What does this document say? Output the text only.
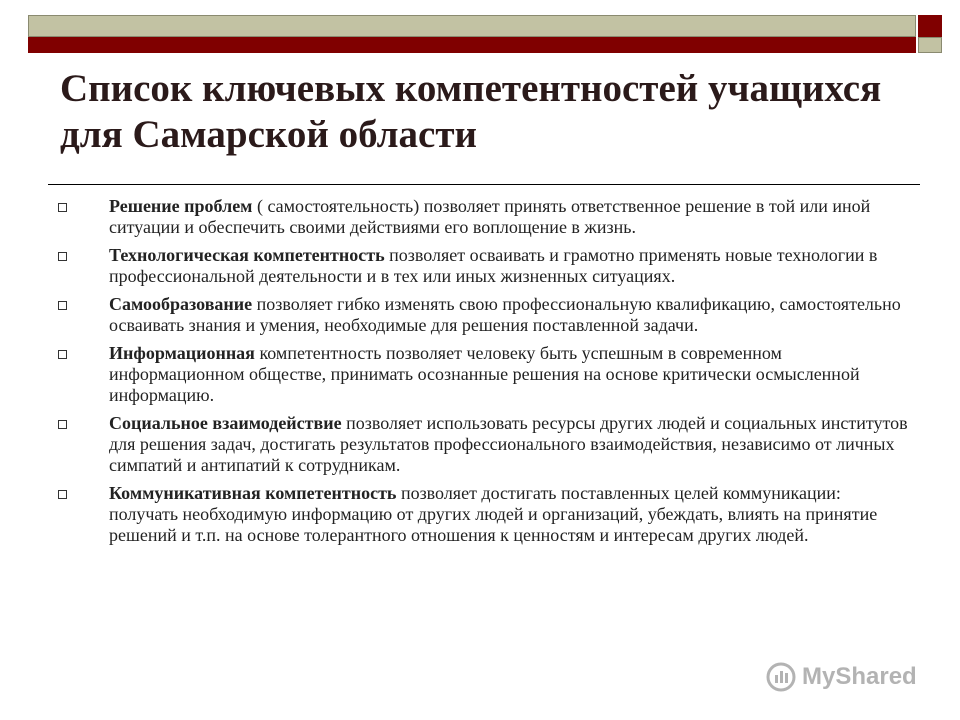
Список ключевых компетентностей учащихся для Самарской области
Решение проблем ( самостоятельность) позволяет принять ответственное решение в той или иной ситуации и обеспечить своими действиями его воплощение в жизнь.
Технологическая компетентность позволяет осваивать и грамотно применять новые технологии в профессиональной деятельности и в тех или иных жизненных ситуациях.
Самообразование позволяет гибко изменять свою профессиональную квалификацию, самостоятельно осваивать знания и умения, необходимые для решения поставленной задачи.
Информационная компетентность позволяет человеку быть успешным в современном информационном обществе, принимать осознанные решения на основе критически осмысленной информацию.
Социальное взаимодействие позволяет использовать ресурсы других людей и социальных институтов для решения задач, достигать результатов профессионального взаимодействия, независимо от личных симпатий и антипатий к сотрудникам.
Коммуникативная компетентность позволяет достигать поставленных целей коммуникации: получать необходимую информацию от других людей и организаций, убеждать, влиять на принятие решений и т.п. на основе толерантного отношения к ценностям и интересам других людей.
MyShared
